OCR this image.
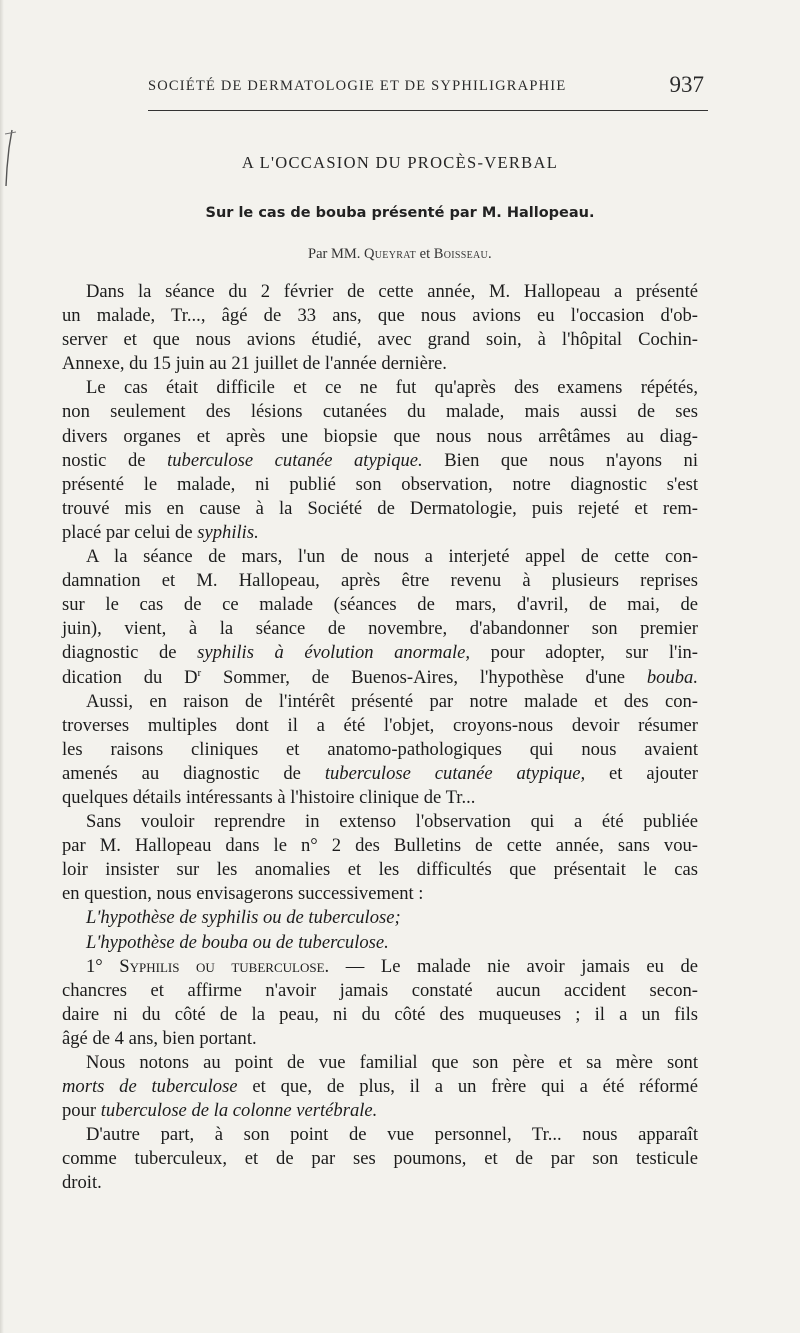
SOCIÉTÉ DE DERMATOLOGIE ET DE SYPHILIGRAPHIE	937
A L'OCCASION DU PROCÈS-VERBAL
Sur le cas de bouba présenté par M. Hallopeau.
Par MM. Queyrat et Boisseau.
Dans la séance du 2 février de cette année, M. Hallopeau a présenté
un malade, Tr..., âgé de 33 ans, que nous avions eu l'occasion d'ob-
server et que nous avions étudié, avec grand soin, à l'hôpital Cochin-
Annexe, du 15 juin au 21 juillet de l'année dernière.
Le cas était difficile et ce ne fut qu'après des examens répétés,
non seulement des lésions cutanées du malade, mais aussi de ses
divers organes et après une biopsie que nous nous arrêtâmes au diag-
nostic de tuberculose cutanée atypique. Bien que nous n'ayons ni
présenté le malade, ni publié son observation, notre diagnostic s'est
trouvé mis en cause à la Société de Dermatologie, puis rejeté et rem-
placé par celui de syphilis.
A la séance de mars, l'un de nous a interjeté appel de cette con-
damnation et M. Hallopeau, après être revenu à plusieurs reprises
sur le cas de ce malade (séances de mars, d'avril, de mai, de
juin), vient, à la séance de novembre, d'abandonner son premier
diagnostic de syphilis à évolution anormale, pour adopter, sur l'in-
dication du $D^r$ Sommer, de Buenos-Aires, l'hypothèse d'une bouba.
Aussi, en raison de l'intérêt présenté par notre malade et des con-
troverses multiples dont il a été l'objet, croyons-nous devoir résumer
les raisons cliniques et anatomo-pathologiques qui nous avaient
amenés au diagnostic de tuberculose cutanée atypique, et ajouter
quelques détails intéressants à l'histoire clinique de Tr...
Sans vouloir reprendre in extenso l'observation qui a été publiée
par M. Hallopeau dans le n° 2 des Bulletins de cette année, sans vou-
loir insister sur les anomalies et les difficultés que présentait le cas
en question, nous envisagerons successivement :
L'hypothèse de syphilis ou de tuberculose;
L'hypothèse de bouba ou de tuberculose.
1° Syphilis ou tuberculose. — Le malade nie avoir jamais eu de
chancres et affirme n'avoir jamais constaté aucun accident secon-
daire ni du côté de la peau, ni du côté des muqueuses ; il a un fils
âgé de 4 ans, bien portant.
Nous notons au point de vue familial que son père et sa mère sont
morts de tuberculose et que, de plus, il a un frère qui a été réformé
pour tuberculose de la colonne vertébrale.
D'autre part, à son point de vue personnel, Tr... nous apparaît
comme tuberculeux, et de par ses poumons, et de par son testicule
droit.
